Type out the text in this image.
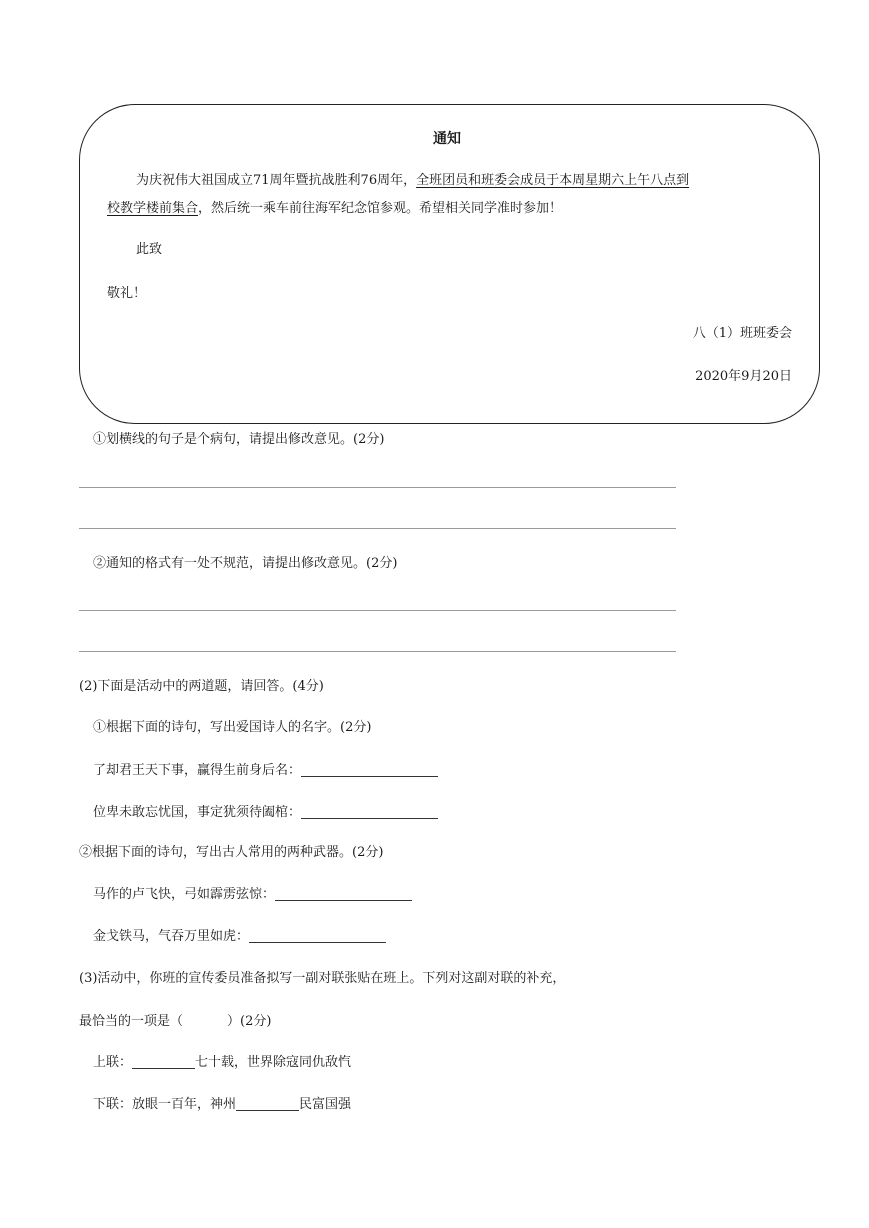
通知
为庆祝伟大祖国成立71周年暨抗战胜利76周年，全班团员和班委会成员于本周星期六上午八点到
校教学楼前集合，然后统一乘车前往海军纪念馆参观。希望相关同学准时参加！
此致
敬礼！
八（1）班班委会
2020年9月20日
①划横线的句子是个病句，请提出修改意见。(2分)
②通知的格式有一处不规范，请提出修改意见。(2分)
(2)下面是活动中的两道题，请回答。(4分)
①根据下面的诗句，写出爱国诗人的名字。(2分)
了却君王天下事，赢得生前身后名：
位卑未敢忘忧国，事定犹须待阖棺：
②根据下面的诗句，写出古人常用的两种武器。(2分)
马作的卢飞快，弓如霹雳弦惊：
金戈铁马，气吞万里如虎：
(3)活动中，你班的宣传委员准备拟写一副对联张贴在班上。下列对这副对联的补充，
最恰当的一项是（	）(2分)
上联：	七十载，世界除寇同仇敌忾
下联：放眼一百年，神州	民富国强
